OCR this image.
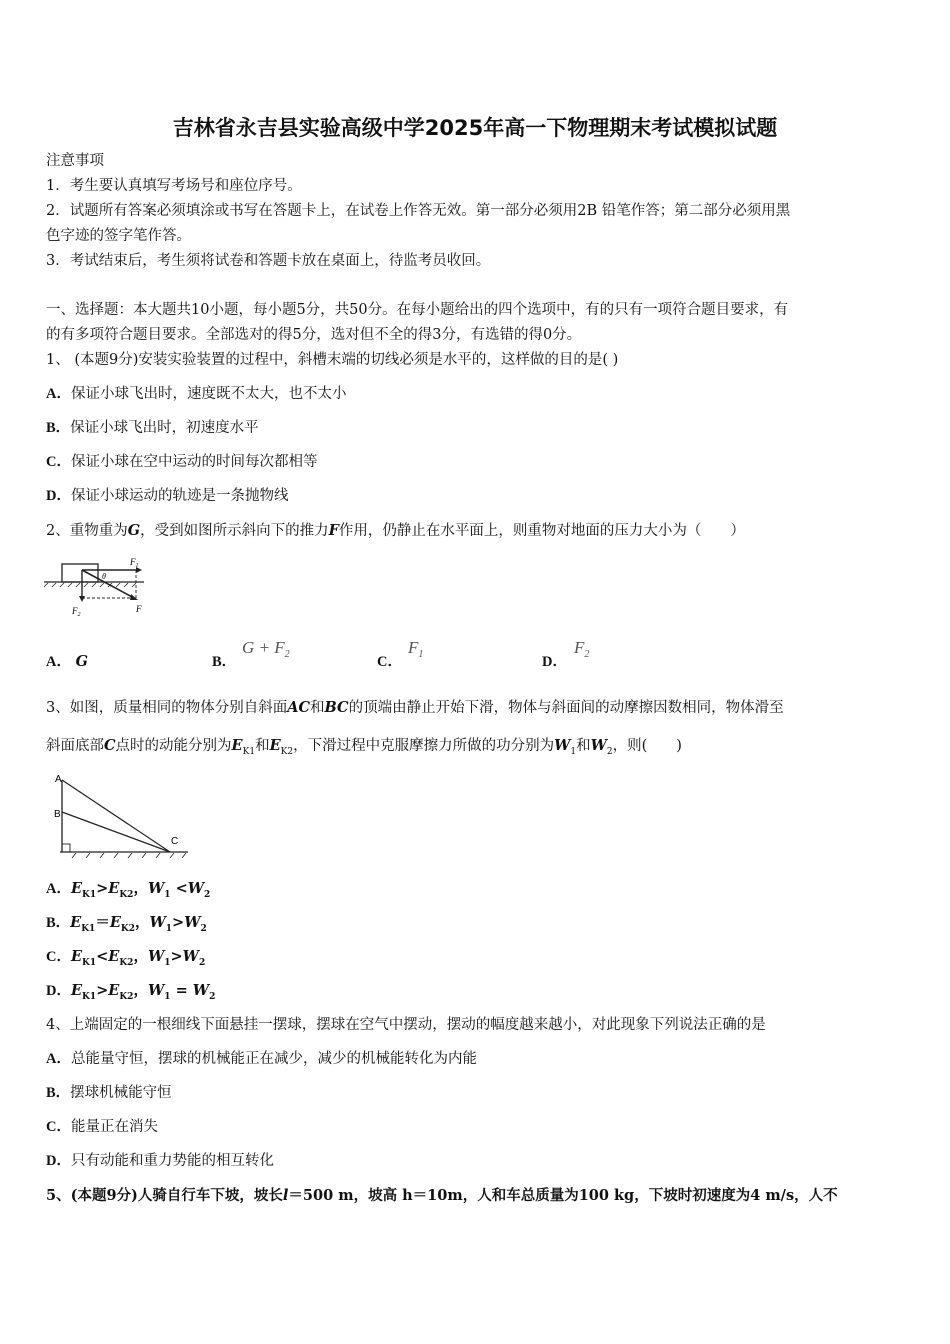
吉林省永吉县实验高级中学2025年高一下物理期末考试模拟试题
注意事项
1．考生要认真填写考场号和座位序号。
2．试题所有答案必须填涂或书写在答题卡上，在试卷上作答无效。第一部分必须用2B 铅笔作答；第二部分必须用黑
色字迹的签字笔作答。
3．考试结束后，考生须将试卷和答题卡放在桌面上，待监考员收回。
一、选择题：本大题共10小题，每小题5分，共50分。在每小题给出的四个选项中，有的只有一项符合题目要求，有
的有多项符合题目要求。全部选对的得5分，选对但不全的得3分，有选错的得0分。
1、 (本题9分)安装实验装置的过程中，斜槽末端的切线必须是水平的，这样做的目的是( )
A．保证小球飞出时，速度既不太大，也不太小
B．保证小球飞出时，初速度水平
C．保证小球在空中运动的时间每次都相等
D．保证小球运动的轨迹是一条抛物线
2、重物重为G，受到如图所示斜向下的推力F作用，仍静止在水平面上，则重物对地面的压力大小为（　　）
$F_1$
θ
$F_2$
F
A． G	B．
$G + F_2$	C．
$F_1$	D．
$F_2$
3、如图，质量相同的物体分别自斜面AC和BC的顶端由静止开始下滑，物体与斜面间的动摩擦因数相同，物体滑至
斜面底部C点时的动能分别为$E_{K1}$和$E_{K2}$，下滑过程中克服摩擦力所做的功分别为$W_1$和$W_2$，则(　　)
A
B
C
A．$E_{K1}>E_{K2}$，$W_1 <W_2$
B．$E_{K1}=E_{K2}$，$W_1>W_2$
C．$E_{K1}<E_{K2}$，$W_1>W_2$
D．$E_{K1}>E_{K2}$，$W_1 = W_2$
4、上端固定的一根细线下面悬挂一摆球，摆球在空气中摆动，摆动的幅度越来越小，对此现象下列说法正确的是
A．总能量守恒，摆球的机械能正在减少，减少的机械能转化为内能
B．摆球机械能守恒
C．能量正在消失
D．只有动能和重力势能的相互转化
5、(本题9分)人骑自行车下坡，坡长l＝500 m，坡高 h＝10m，人和车总质量为100 kg，下坡时初速度为4 m/s，人不
